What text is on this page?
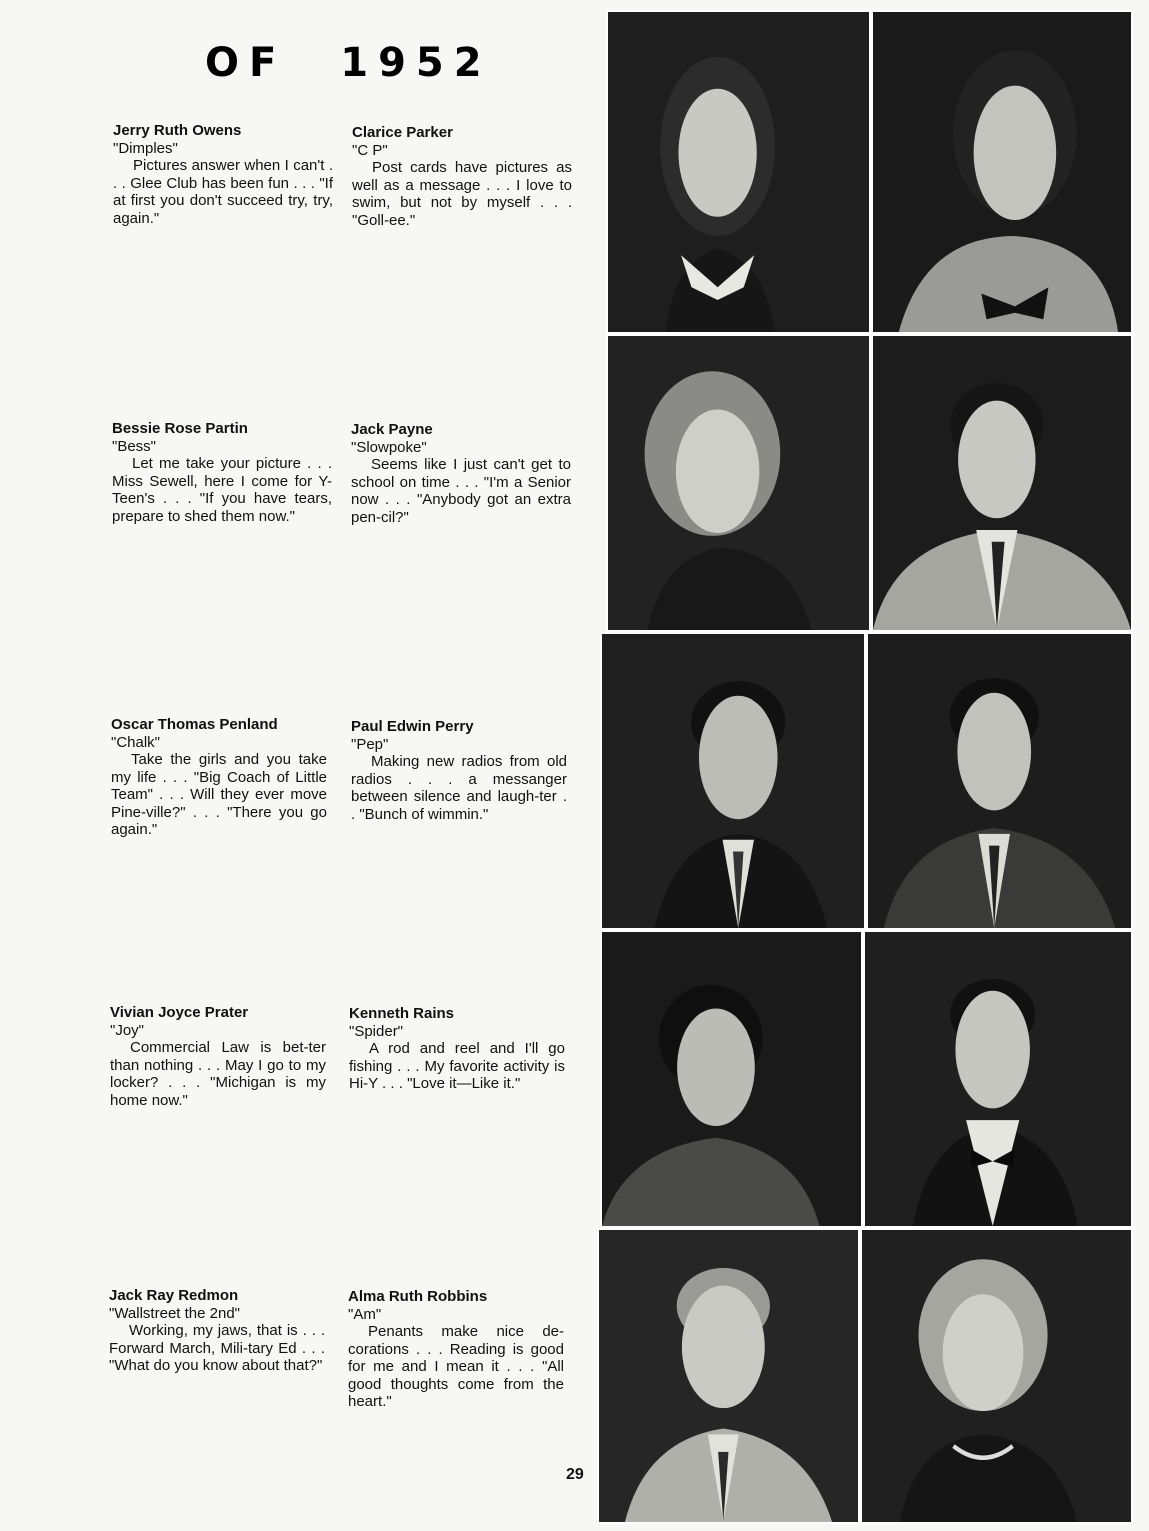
OF 1952
Jerry Ruth Owens
"Dimples"
Pictures answer when I can't . . . Glee Club has been fun . . . "If at first you don't succeed try, try, again."
Clarice Parker
"C P"
Post cards have pictures as well as a message . . . I love to swim, but not by myself . . . "Goll-ee."
Bessie Rose Partin
"Bess"
Let me take your picture . . . Miss Sewell, here I come for Y-Teen's . . . "If you have tears, prepare to shed them now."
Jack Payne
"Slowpoke"
Seems like I just can't get to school on time . . . "I'm a Senior now . . . "Anybody got an extra pen-cil?"
Oscar Thomas Penland
"Chalk"
Take the girls and you take my life . . . "Big Coach of Little Team" . . . Will they ever move Pine-ville?" . . . "There you go again."
Paul Edwin Perry
"Pep"
Making new radios from old radios . . . a messanger between silence and laugh-ter . . "Bunch of wimmin."
Vivian Joyce Prater
"Joy"
Commercial Law is bet-ter than nothing . . . May I go to my locker? . . . "Michigan is my home now."
Kenneth Rains
"Spider"
A rod and reel and I'll go fishing . . . My favorite activity is Hi-Y . . . "Love it—Like it."
Jack Ray Redmon
"Wallstreet the 2nd"
Working, my jaws, that is . . . Forward March, Mili-tary Ed . . . "What do you know about that?"
Alma Ruth Robbins
"Am"
Penants make nice de-corations . . . Reading is good for me and I mean it . . . "All good thoughts come from the heart."
29
